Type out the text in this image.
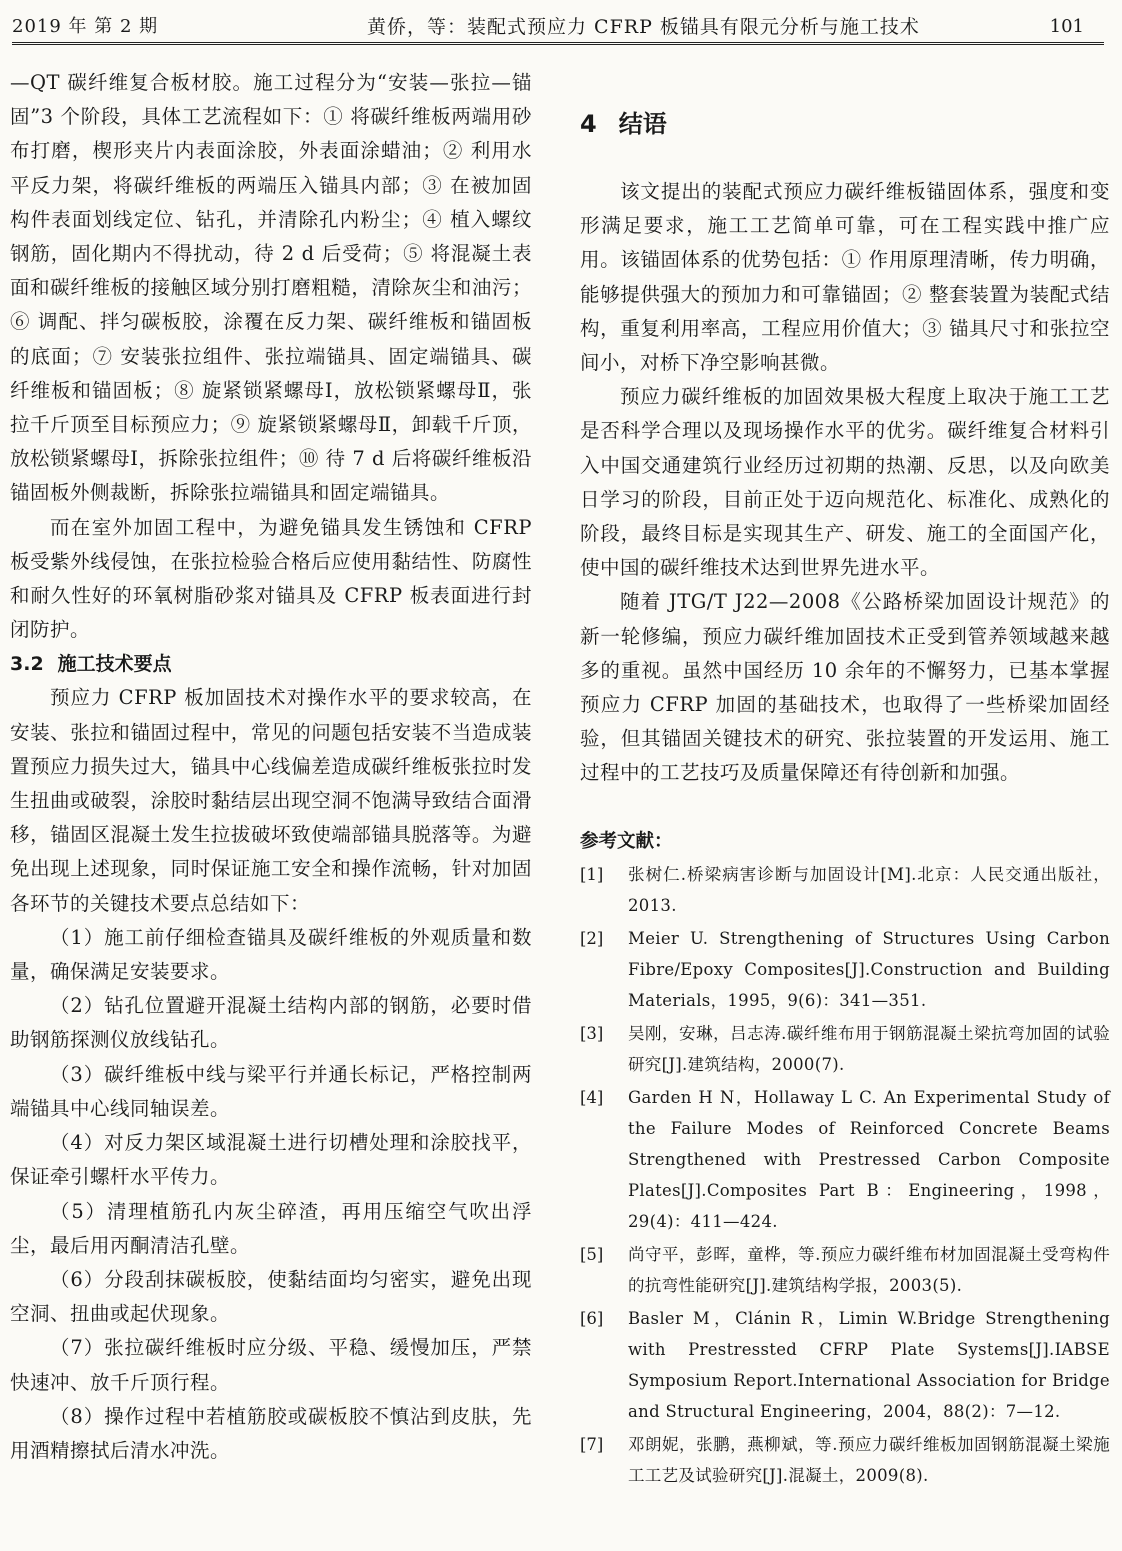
2019 年 第 2 期	黄侨，等：装配式预应力 CFRP 板锚具有限元分析与施工技术	101

—QT 碳纤维复合板材胶。施工过程分为“安装—张拉—锚固”3 个阶段，具体工艺流程如下：① 将碳纤维板两端用砂布打磨，楔形夹片内表面涂胶，外表面涂蜡油；② 利用水平反力架，将碳纤维板的两端压入锚具内部；③ 在被加固构件表面划线定位、钻孔，并清除孔内粉尘；④ 植入螺纹钢筋，固化期内不得扰动，待 2 d 后受荷；⑤ 将混凝土表面和碳纤维板的接触区域分别打磨粗糙，清除灰尘和油污；⑥ 调配、拌匀碳板胶，涂覆在反力架、碳纤维板和锚固板的底面；⑦ 安装张拉组件、张拉端锚具、固定端锚具、碳纤维板和锚固板；⑧ 旋紧锁紧螺母Ⅰ，放松锁紧螺母Ⅱ，张拉千斤顶至目标预应力；⑨ 旋紧锁紧螺母Ⅱ，卸载千斤顶，放松锁紧螺母Ⅰ，拆除张拉组件；⑩ 待 7 d 后将碳纤维板沿锚固板外侧裁断，拆除张拉端锚具和固定端锚具。

而在室外加固工程中，为避免锚具发生锈蚀和 CFRP 板受紫外线侵蚀，在张拉检验合格后应使用黏结性、防腐性和耐久性好的环氧树脂砂浆对锚具及 CFRP 板表面进行封闭防护。

3.2 施工技术要点

预应力 CFRP 板加固技术对操作水平的要求较高，在安装、张拉和锚固过程中，常见的问题包括安装不当造成装置预应力损失过大，锚具中心线偏差造成碳纤维板张拉时发生扭曲或破裂，涂胶时黏结层出现空洞不饱满导致结合面滑移，锚固区混凝土发生拉拔破坏致使端部锚具脱落等。为避免出现上述现象，同时保证施工安全和操作流畅，针对加固各环节的关键技术要点总结如下：

（1）施工前仔细检查锚具及碳纤维板的外观质量和数量，确保满足安装要求。

（2）钻孔位置避开混凝土结构内部的钢筋，必要时借助钢筋探测仪放线钻孔。

（3）碳纤维板中线与梁平行并通长标记，严格控制两端锚具中心线同轴误差。

（4）对反力架区域混凝土进行切槽处理和涂胶找平，保证牵引螺杆水平传力。

（5）清理植筋孔内灰尘碎渣，再用压缩空气吹出浮尘，最后用丙酮清洁孔壁。

（6）分段刮抹碳板胶，使黏结面均匀密实，避免出现空洞、扭曲或起伏现象。

（7）张拉碳纤维板时应分级、平稳、缓慢加压，严禁快速冲、放千斤顶行程。

（8）操作过程中若植筋胶或碳板胶不慎沾到皮肤，先用酒精擦拭后清水冲洗。

4 结语

该文提出的装配式预应力碳纤维板锚固体系，强度和变形满足要求，施工工艺简单可靠，可在工程实践中推广应用。该锚固体系的优势包括：① 作用原理清晰，传力明确，能够提供强大的预加力和可靠锚固；② 整套装置为装配式结构，重复利用率高，工程应用价值大；③ 锚具尺寸和张拉空间小，对桥下净空影响甚微。

预应力碳纤维板的加固效果极大程度上取决于施工工艺是否科学合理以及现场操作水平的优劣。碳纤维复合材料引入中国交通建筑行业经历过初期的热潮、反思，以及向欧美日学习的阶段，目前正处于迈向规范化、标准化、成熟化的阶段，最终目标是实现其生产、研发、施工的全面国产化，使中国的碳纤维技术达到世界先进水平。

随着 JTG/T J22—2008《公路桥梁加固设计规范》的新一轮修编，预应力碳纤维加固技术正受到管养领域越来越多的重视。虽然中国经历 10 余年的不懈努力，已基本掌握预应力 CFRP 加固的基础技术，也取得了一些桥梁加固经验，但其锚固关键技术的研究、张拉装置的开发运用、施工过程中的工艺技巧及质量保障还有待创新和加强。

参考文献：
[1]	张树仁.桥梁病害诊断与加固设计[M].北京：人民交通出版社，2013.
[2]	Meier U. Strengthening of Structures Using Carbon Fibre/Epoxy Composites[J].Construction and Building Materials，1995，9(6)：341—351.
[3]	吴刚，安琳，吕志涛.碳纤维布用于钢筋混凝土梁抗弯加固的试验研究[J].建筑结构，2000(7).
[4]	Garden H N，Hollaway L C. An Experimental Study of the Failure Modes of Reinforced Concrete Beams Strengthened with Prestressed Carbon Composite Plates[J].Composites Part B：Engineering，1998，29(4)：411—424.
[5]	尚守平，彭晖，童桦，等.预应力碳纤维布材加固混凝土受弯构件的抗弯性能研究[J].建筑结构学报，2003(5).
[6]	Basler M，Clánin R，Limin W.Bridge Strengthening with Prestressted CFRP Plate Systems[J].IABSE Symposium Report.International Association for Bridge and Structural Engineering，2004，88(2)：7—12.
[7]	邓朗妮，张鹏，燕柳斌，等.预应力碳纤维板加固钢筋混凝土梁施工工艺及试验研究[J].混凝土，2009(8).
